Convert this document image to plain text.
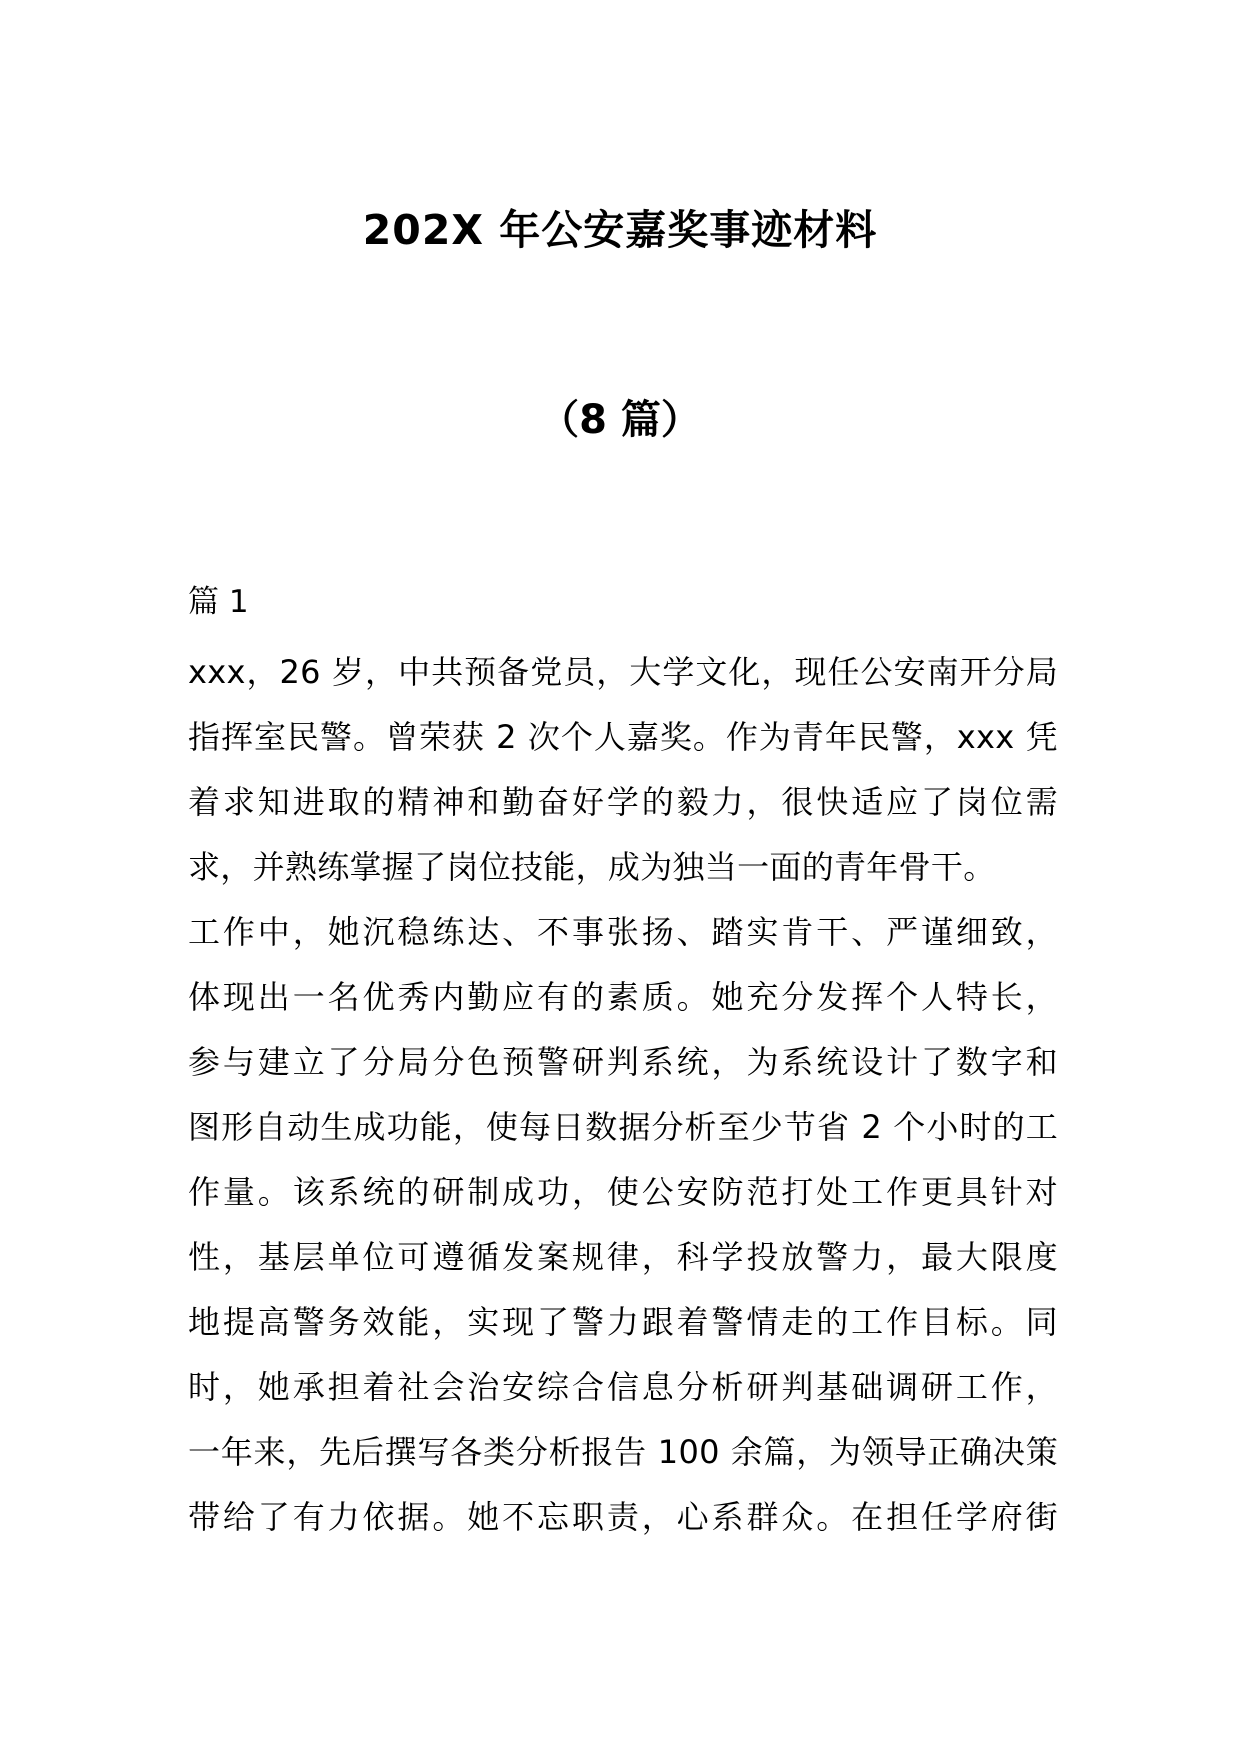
202X 年公安嘉奖事迹材料
（8 篇）
篇 1
xxx，26 岁，中共预备党员，大学文化，现任公安南开分局
指挥室民警。曾荣获 2 次个人嘉奖。作为青年民警，xxx 凭
着求知进取的精神和勤奋好学的毅力，很快适应了岗位需
求，并熟练掌握了岗位技能，成为独当一面的青年骨干。
工作中，她沉稳练达、不事张扬、踏实肯干、严谨细致，
体现出一名优秀内勤应有的素质。她充分发挥个人特长，
参与建立了分局分色预警研判系统，为系统设计了数字和
图形自动生成功能，使每日数据分析至少节省 2 个小时的工
作量。该系统的研制成功，使公安防范打处工作更具针对
性，基层单位可遵循发案规律，科学投放警力，最大限度
地提高警务效能，实现了警力跟着警情走的工作目标。同
时，她承担着社会治安综合信息分析研判基础调研工作，
一年来，先后撰写各类分析报告 100 余篇，为领导正确决策
带给了有力依据。她不忘职责，心系群众。在担任学府街
